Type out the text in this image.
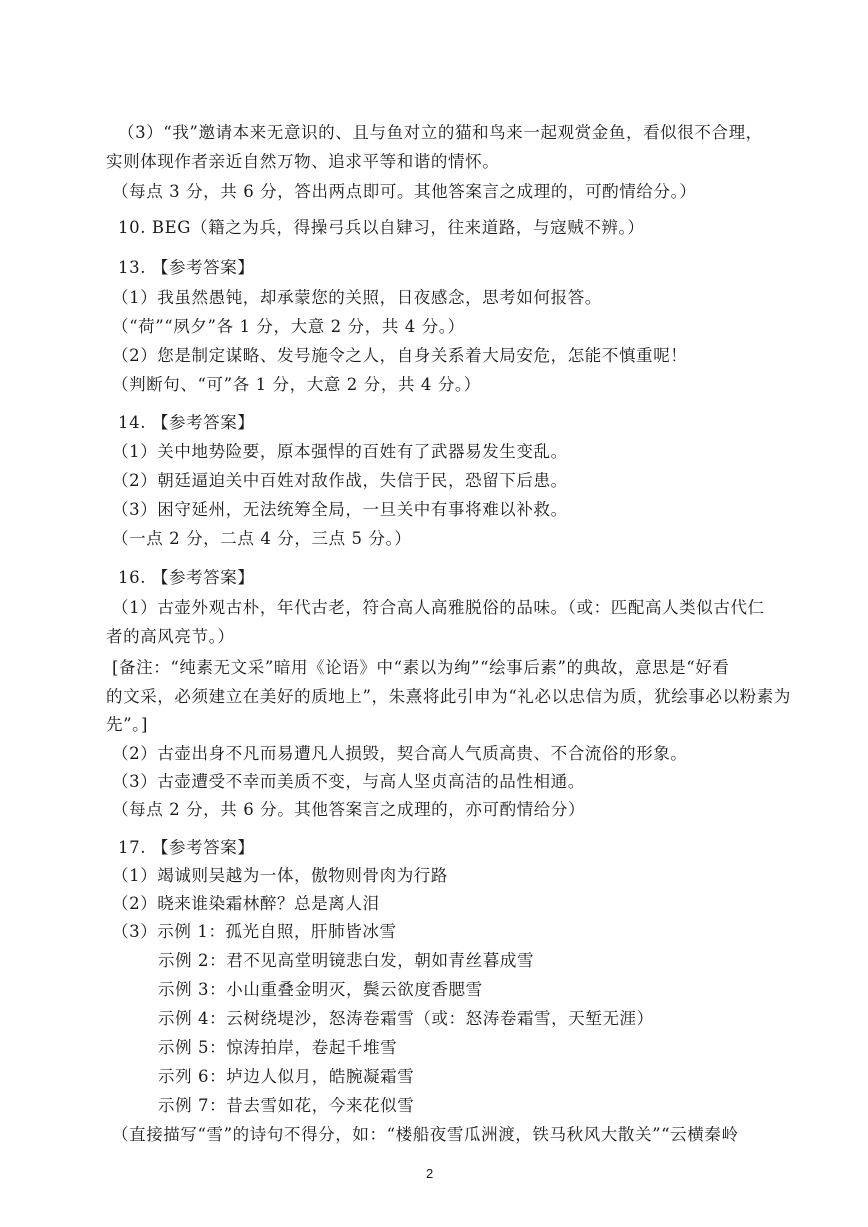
（3）“我”邀请本来无意识的、且与鱼对立的猫和鸟来一起观赏金鱼，看似很不合理，
实则体现作者亲近自然万物、追求平等和谐的情怀。
（每点 3 分，共 6 分，答出两点即可。其他答案言之成理的，可酌情给分。）
10. BEG（籍之为兵，得操弓兵以自肄习，往来道路，与寇贼不辨。）
13. 【参考答案】
（1）我虽然愚钝，却承蒙您的关照，日夜感念，思考如何报答。
（“荷”“夙夕”各 1 分，大意 2 分，共 4 分。）
（2）您是制定谋略、发号施令之人，自身关系着大局安危，怎能不慎重呢！
（判断句、“可”各 1 分，大意 2 分，共 4 分。）
14. 【参考答案】
（1）关中地势险要，原本强悍的百姓有了武器易发生变乱。
（2）朝廷逼迫关中百姓对敌作战，失信于民，恐留下后患。
（3）困守延州，无法统筹全局，一旦关中有事将难以补救。
（一点 2 分，二点 4 分，三点 5 分。）
16. 【参考答案】
（1）古壶外观古朴，年代古老，符合高人高雅脱俗的品味。（或：匹配高人类似古代仁
者的高风亮节。）
[备注：“纯素无文采”暗用《论语》中“素以为绚”“绘事后素”的典故，意思是“好看
的文采，必须建立在美好的质地上”，朱熹将此引申为“礼必以忠信为质，犹绘事必以粉素为
先”。]
（2）古壶出身不凡而易遭凡人损毁，契合高人气质高贵、不合流俗的形象。
（3）古壶遭受不幸而美质不变，与高人坚贞高洁的品性相通。
（每点 2 分，共 6 分。其他答案言之成理的，亦可酌情给分）
17. 【参考答案】
（1）竭诚则吴越为一体，傲物则骨肉为行路
（2）晓来谁染霜林醉？总是离人泪
（3）示例 1：孤光自照，肝肺皆冰雪
示例 2：君不见高堂明镜悲白发，朝如青丝暮成雪
示例 3：小山重叠金明灭，鬓云欲度香腮雪
示例 4：云树绕堤沙，怒涛卷霜雪（或：怒涛卷霜雪，天堑无涯）
示例 5：惊涛拍岸，卷起千堆雪
示列 6：垆边人似月，皓腕凝霜雪
示例 7：昔去雪如花，今来花似雪
（直接描写“雪”的诗句不得分，如：“楼船夜雪瓜洲渡，铁马秋风大散关”“云横秦岭
2
